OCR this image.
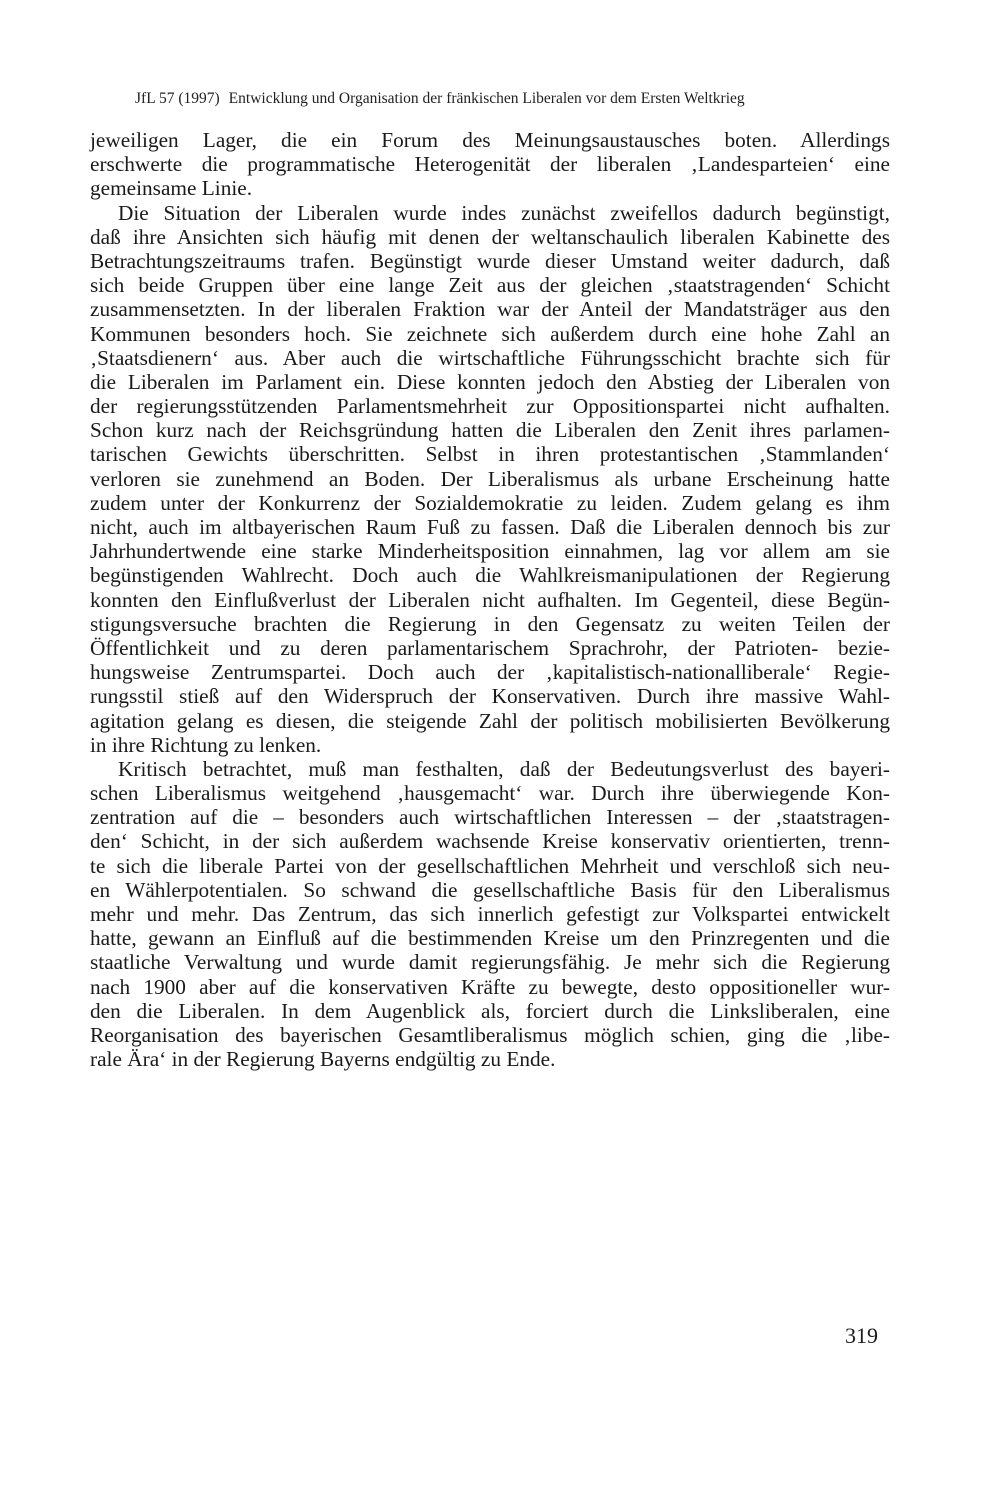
JfL 57 (1997) Entwicklung und Organisation der fränkischen Liberalen vor dem Ersten Weltkrieg
jeweiligen Lager, die ein Forum des Meinungsaustausches boten. Allerdings
erschwerte die programmatische Heterogenität der liberalen ‚Landesparteien‘ eine
gemeinsame Linie.
Die Situation der Liberalen wurde indes zunächst zweifellos dadurch begünstigt,
daß ihre Ansichten sich häufig mit denen der weltanschaulich liberalen Kabinette des
Betrachtungszeitraums trafen. Begünstigt wurde dieser Umstand weiter dadurch, daß
sich beide Gruppen über eine lange Zeit aus der gleichen ‚staatstragenden‘ Schicht
zusammensetzten. In der liberalen Fraktion war der Anteil der Mandatsträger aus den
Kommunen besonders hoch. Sie zeichnete sich außerdem durch eine hohe Zahl an
‚Staatsdienern‘ aus. Aber auch die wirtschaftliche Führungsschicht brachte sich für
die Liberalen im Parlament ein. Diese konnten jedoch den Abstieg der Liberalen von
der regierungsstützenden Parlamentsmehrheit zur Oppositionspartei nicht aufhalten.
Schon kurz nach der Reichsgründung hatten die Liberalen den Zenit ihres parlamen-
tarischen Gewichts überschritten. Selbst in ihren protestantischen ‚Stammlanden‘
verloren sie zunehmend an Boden. Der Liberalismus als urbane Erscheinung hatte
zudem unter der Konkurrenz der Sozialdemokratie zu leiden. Zudem gelang es ihm
nicht, auch im altbayerischen Raum Fuß zu fassen. Daß die Liberalen dennoch bis zur
Jahrhundertwende eine starke Minderheitsposition einnahmen, lag vor allem am sie
begünstigenden Wahlrecht. Doch auch die Wahlkreismanipulationen der Regierung
konnten den Einflußverlust der Liberalen nicht aufhalten. Im Gegenteil, diese Begün-
stigungsversuche brachten die Regierung in den Gegensatz zu weiten Teilen der
Öffentlichkeit und zu deren parlamentarischem Sprachrohr, der Patrioten- bezie-
hungsweise Zentrumspartei. Doch auch der ‚kapitalistisch-nationalliberale‘ Regie-
rungsstil stieß auf den Widerspruch der Konservativen. Durch ihre massive Wahl-
agitation gelang es diesen, die steigende Zahl der politisch mobilisierten Bevölkerung
in ihre Richtung zu lenken.
Kritisch betrachtet, muß man festhalten, daß der Bedeutungsverlust des bayeri-
schen Liberalismus weitgehend ‚hausgemacht‘ war. Durch ihre überwiegende Kon-
zentration auf die – besonders auch wirtschaftlichen Interessen – der ‚staatstragen-
den‘ Schicht, in der sich außerdem wachsende Kreise konservativ orientierten, trenn-
te sich die liberale Partei von der gesellschaftlichen Mehrheit und verschloß sich neu-
en Wählerpotentialen. So schwand die gesellschaftliche Basis für den Liberalismus
mehr und mehr. Das Zentrum, das sich innerlich gefestigt zur Volkspartei entwickelt
hatte, gewann an Einfluß auf die bestimmenden Kreise um den Prinzregenten und die
staatliche Verwaltung und wurde damit regierungsfähig. Je mehr sich die Regierung
nach 1900 aber auf die konservativen Kräfte zu bewegte, desto oppositioneller wur-
den die Liberalen. In dem Augenblick als, forciert durch die Linksliberalen, eine
Reorganisation des bayerischen Gesamtliberalismus möglich schien, ging die ‚libe-
rale Ära‘ in der Regierung Bayerns endgültig zu Ende.
319
